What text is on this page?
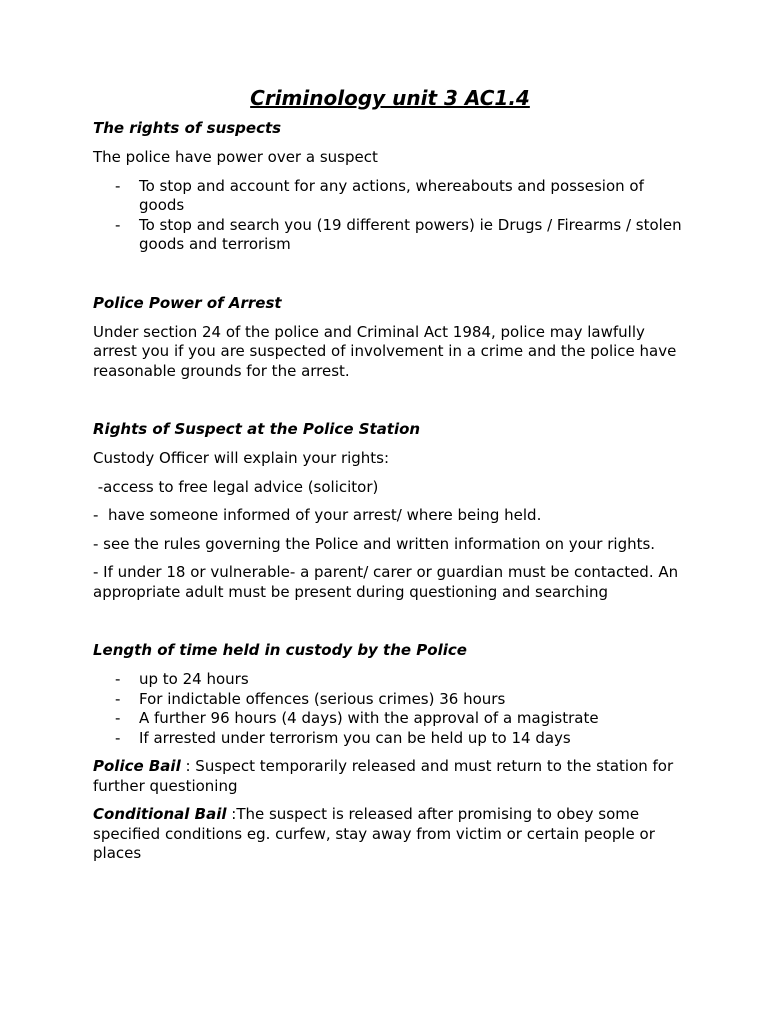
Criminology unit 3 AC1.4
The rights of suspects

The police have power over a suspect

- To stop and account for any actions, whereabouts and possesion of goods
- To stop and search you (19 different powers) ie Drugs / Firearms / stolen goods and terrorism
Police Power of Arrest

Under section 24 of the police and Criminal Act 1984, police may lawfully arrest you if you are suspected of involvement in a crime and the police have reasonable grounds for the arrest.

Rights of Suspect at the Police Station

Custody Officer will explain your rights:

-access to free legal advice (solicitor)

-  have someone informed of your arrest/ where being held.

- see the rules governing the Police and written information on your rights.

- If under 18 or vulnerable- a parent/ carer or guardian must be contacted. An appropriate adult must be present during questioning and searching

Length of time held in custody by the Police
- up to 24 hours
- For indictable offences (serious crimes) 36 hours
- A further 96 hours (4 days) with the approval of a magistrate
- If arrested under terrorism you can be held up to 14 days

Police Bail : Suspect temporarily released and must return to the station for further questioning

Conditional Bail :The suspect is released after promising to obey some specified conditions eg. curfew, stay away from victim or certain people or places
